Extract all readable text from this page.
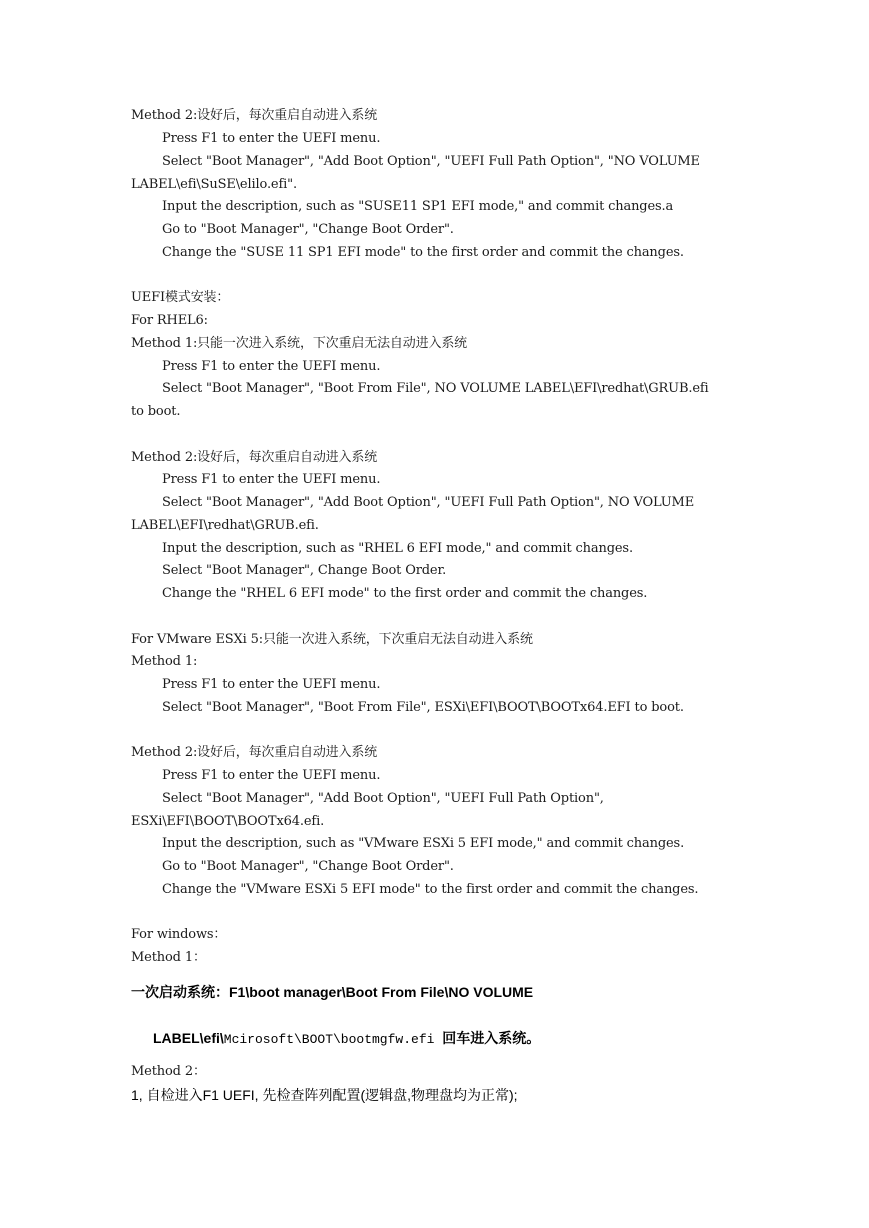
Method 2:设好后，每次重启自动进入系统
Press F1 to enter the UEFI menu.
Select "Boot Manager", "Add Boot Option", "UEFI Full Path Option", "NO VOLUME
LABEL\efi\SuSE\elilo.efi".
Input the description, such as "SUSE11 SP1 EFI mode," and commit changes.a
Go to "Boot Manager", "Change Boot Order".
Change the "SUSE 11 SP1 EFI mode" to the first order and commit the changes.
UEFI模式安装：
For RHEL6:
Method 1:只能一次进入系统，下次重启无法自动进入系统
Press F1 to enter the UEFI menu.
Select "Boot Manager", "Boot From File", NO VOLUME LABEL\EFI\redhat\GRUB.efi
to boot.
Method 2:设好后，每次重启自动进入系统
Press F1 to enter the UEFI menu.
Select "Boot Manager", "Add Boot Option", "UEFI Full Path Option", NO VOLUME
LABEL\EFI\redhat\GRUB.efi.
Input the description, such as "RHEL 6 EFI mode," and commit changes.
Select "Boot Manager", Change Boot Order.
Change the "RHEL 6 EFI mode" to the first order and commit the changes.
For VMware ESXi 5:只能一次进入系统，下次重启无法自动进入系统
Method 1:
Press F1 to enter the UEFI menu.
Select "Boot Manager", "Boot From File", ESXi\EFI\BOOT\BOOTx64.EFI to boot.
Method 2:设好后，每次重启自动进入系统
Press F1 to enter the UEFI menu.
Select "Boot Manager", "Add Boot Option", "UEFI Full Path Option",
ESXi\EFI\BOOT\BOOTx64.efi.
Input the description, such as "VMware ESXi 5 EFI mode," and commit changes.
Go to "Boot Manager", "Change Boot Order".
Change the "VMware ESXi 5 EFI mode" to the first order and commit the changes.
For windows：
Method 1：
一次启动系统：F1\boot manager\Boot From File\NO VOLUME
LABEL\efi\Mcirosoft\BOOT\bootmgfw.efi  回车进入系统。
Method 2：
1, 自检进入F1 UEFI, 先检查阵列配置(逻辑盘,物理盘均为正常);
